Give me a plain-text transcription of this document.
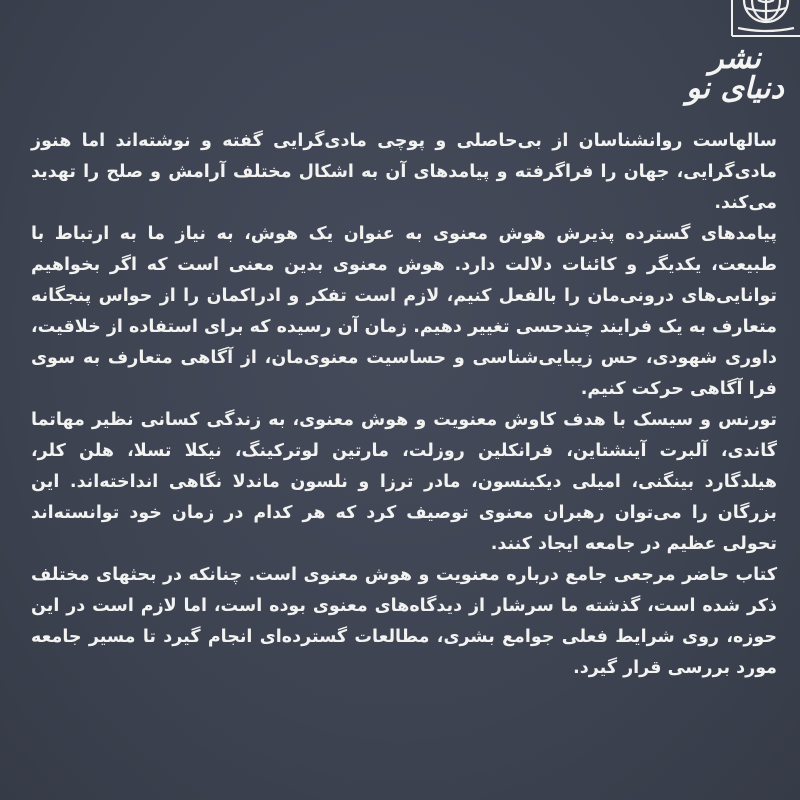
نشر دنیای نو

سالهاست روانشناسان از بی‌حاصلی و پوچی مادی‌گرایی گفته و نوشته‌اند اما هنوز مادی‌گرایی، جهان را فراگرفته و پیامدهای آن به اشکال مختلف آرامش و صلح را تهدید می‌کند.

پیامدهای گسترده پذیرش هوش معنوی به عنوان یک هوش، به نیاز ما به ارتباط با طبیعت، یکدیگر و کائنات دلالت دارد. هوش معنوی بدین معنی است که اگر بخواهیم توانایی‌های درونی‌مان را بالفعل کنیم، لازم است تفکر و ادراکمان را از حواس پنجگانه متعارف به یک فرایند چندحسی تغییر دهیم. زمان آن رسیده که برای استفاده از خلاقیت، داوری شهودی، حس زیبایی‌شناسی و حساسیت معنوی‌مان، از آگاهی متعارف به سوی فرا آگاهی حرکت کنیم.

تورنس و سیسک با هدف کاوش معنویت و هوش معنوی، به زندگی کسانی نظیر مهاتما گاندی، آلبرت آینشتاین، فرانکلین روزلت، مارتین لوترکینگ، نیکلا تسلا، هلن کلر، هیلدگارد بینگنی، امیلی دیکینسون، مادر ترزا و نلسون ماندلا نگاهی انداخته‌اند. این بزرگان را می‌توان رهبران معنوی توصیف کرد که هر کدام در زمان خود توانسته‌اند تحولی عظیم در جامعه ایجاد کنند.

کتاب حاضر مرجعی جامع درباره معنویت و هوش معنوی است. چنانکه در بحثهای مختلف ذکر شده است، گذشته ما سرشار از دیدگاه‌های معنوی بوده است، اما لازم است در این حوزه، روی شرایط فعلی جوامع بشری، مطالعات گسترده‌ای انجام گیرد تا مسیر جامعه مورد بررسی قرار گیرد.
